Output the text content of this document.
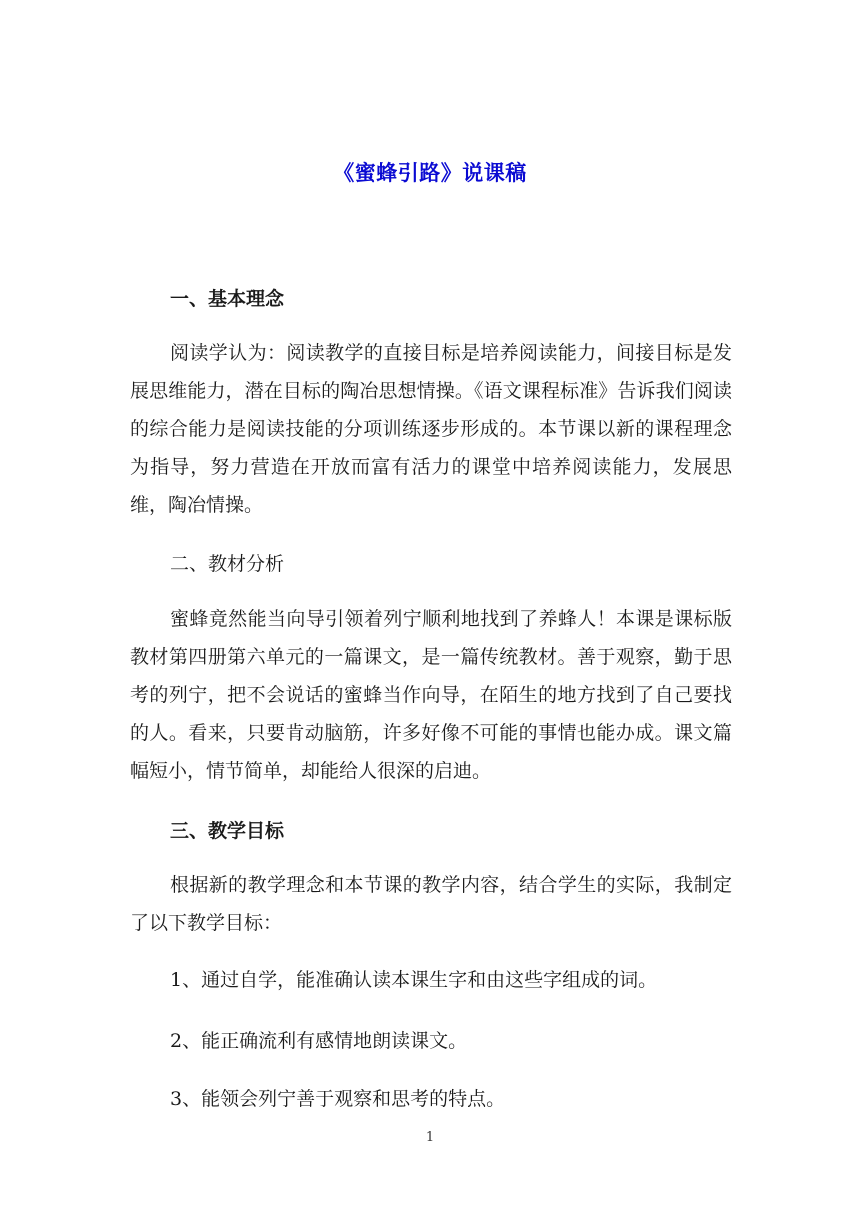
《蜜蜂引路》说课稿
一、基本理念
阅读学认为：阅读教学的直接目标是培养阅读能力，间接目标是发展思维能力，潜在目标的陶冶思想情操。《语文课程标准》告诉我们阅读的综合能力是阅读技能的分项训练逐步形成的。本节课以新的课程理念为指导，努力营造在开放而富有活力的课堂中培养阅读能力，发展思维，陶冶情操。
二、教材分析
蜜蜂竟然能当向导引领着列宁顺利地找到了养蜂人！本课是课标版教材第四册第六单元的一篇课文，是一篇传统教材。善于观察，勤于思考的列宁，把不会说话的蜜蜂当作向导，在陌生的地方找到了自己要找的人。看来，只要肯动脑筋，许多好像不可能的事情也能办成。课文篇幅短小，情节简单，却能给人很深的启迪。
三、教学目标
根据新的教学理念和本节课的教学内容，结合学生的实际，我制定了以下教学目标：
1、通过自学，能准确认读本课生字和由这些字组成的词。
2、能正确流利有感情地朗读课文。
3、能领会列宁善于观察和思考的特点。
1
